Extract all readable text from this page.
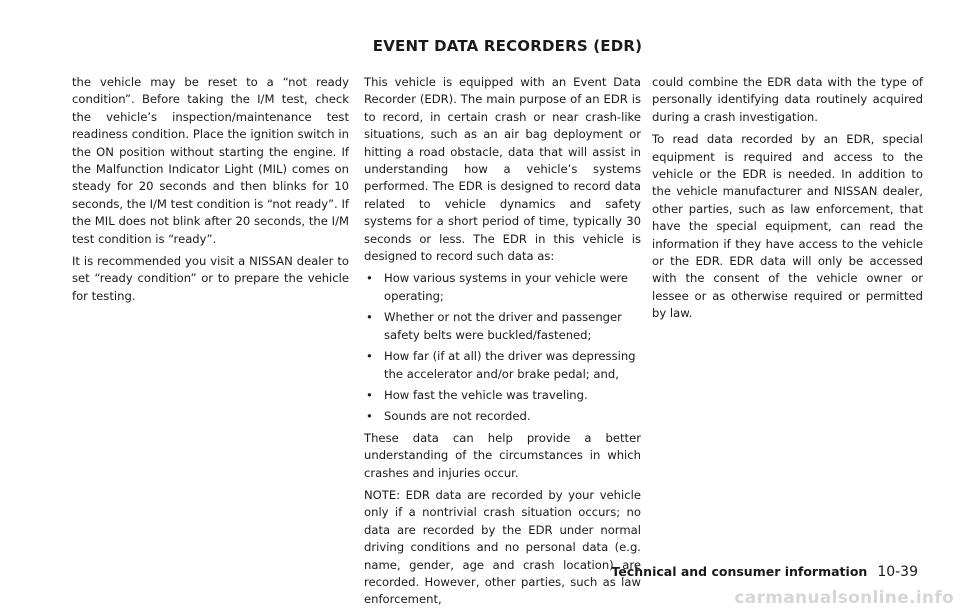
EVENT DATA RECORDERS (EDR)

the vehicle may be reset to a “not ready condition”. Before taking the I/M test, check the vehicle’s inspection/maintenance test readiness condition. Place the ignition switch in the ON position without starting the engine. If the Malfunction Indicator Light (MIL) comes on steady for 20 seconds and then blinks for 10 seconds, the I/M test condition is “not ready”. If the MIL does not blink after 20 seconds, the I/M test condition is “ready”.

It is recommended you visit a NISSAN dealer to set “ready condition” or to prepare the vehicle for testing.

This vehicle is equipped with an Event Data Recorder (EDR). The main purpose of an EDR is to record, in certain crash or near crash-like situations, such as an air bag deployment or hitting a road obstacle, data that will assist in understanding how a vehicle’s systems performed. The EDR is designed to record data related to vehicle dynamics and safety systems for a short period of time, typically 30 seconds or less. The EDR in this vehicle is designed to record such data as:

• How various systems in your vehicle were operating;
• Whether or not the driver and passenger safety belts were buckled/fastened;
• How far (if at all) the driver was depressing the accelerator and/or brake pedal; and,
• How fast the vehicle was traveling.
• Sounds are not recorded.

These data can help provide a better understanding of the circumstances in which crashes and injuries occur.

NOTE: EDR data are recorded by your vehicle only if a nontrivial crash situation occurs; no data are recorded by the EDR under normal driving conditions and no personal data (e.g. name, gender, age and crash location) are recorded. However, other parties, such as law enforcement,

could combine the EDR data with the type of personally identifying data routinely acquired during a crash investigation.

To read data recorded by an EDR, special equipment is required and access to the vehicle or the EDR is needed. In addition to the vehicle manufacturer and NISSAN dealer, other parties, such as law enforcement, that have the special equipment, can read the information if they have access to the vehicle or the EDR. EDR data will only be accessed with the consent of the vehicle owner or lessee or as otherwise required or permitted by law.

Technical and consumer information 10-39
carmanualsonline.info
